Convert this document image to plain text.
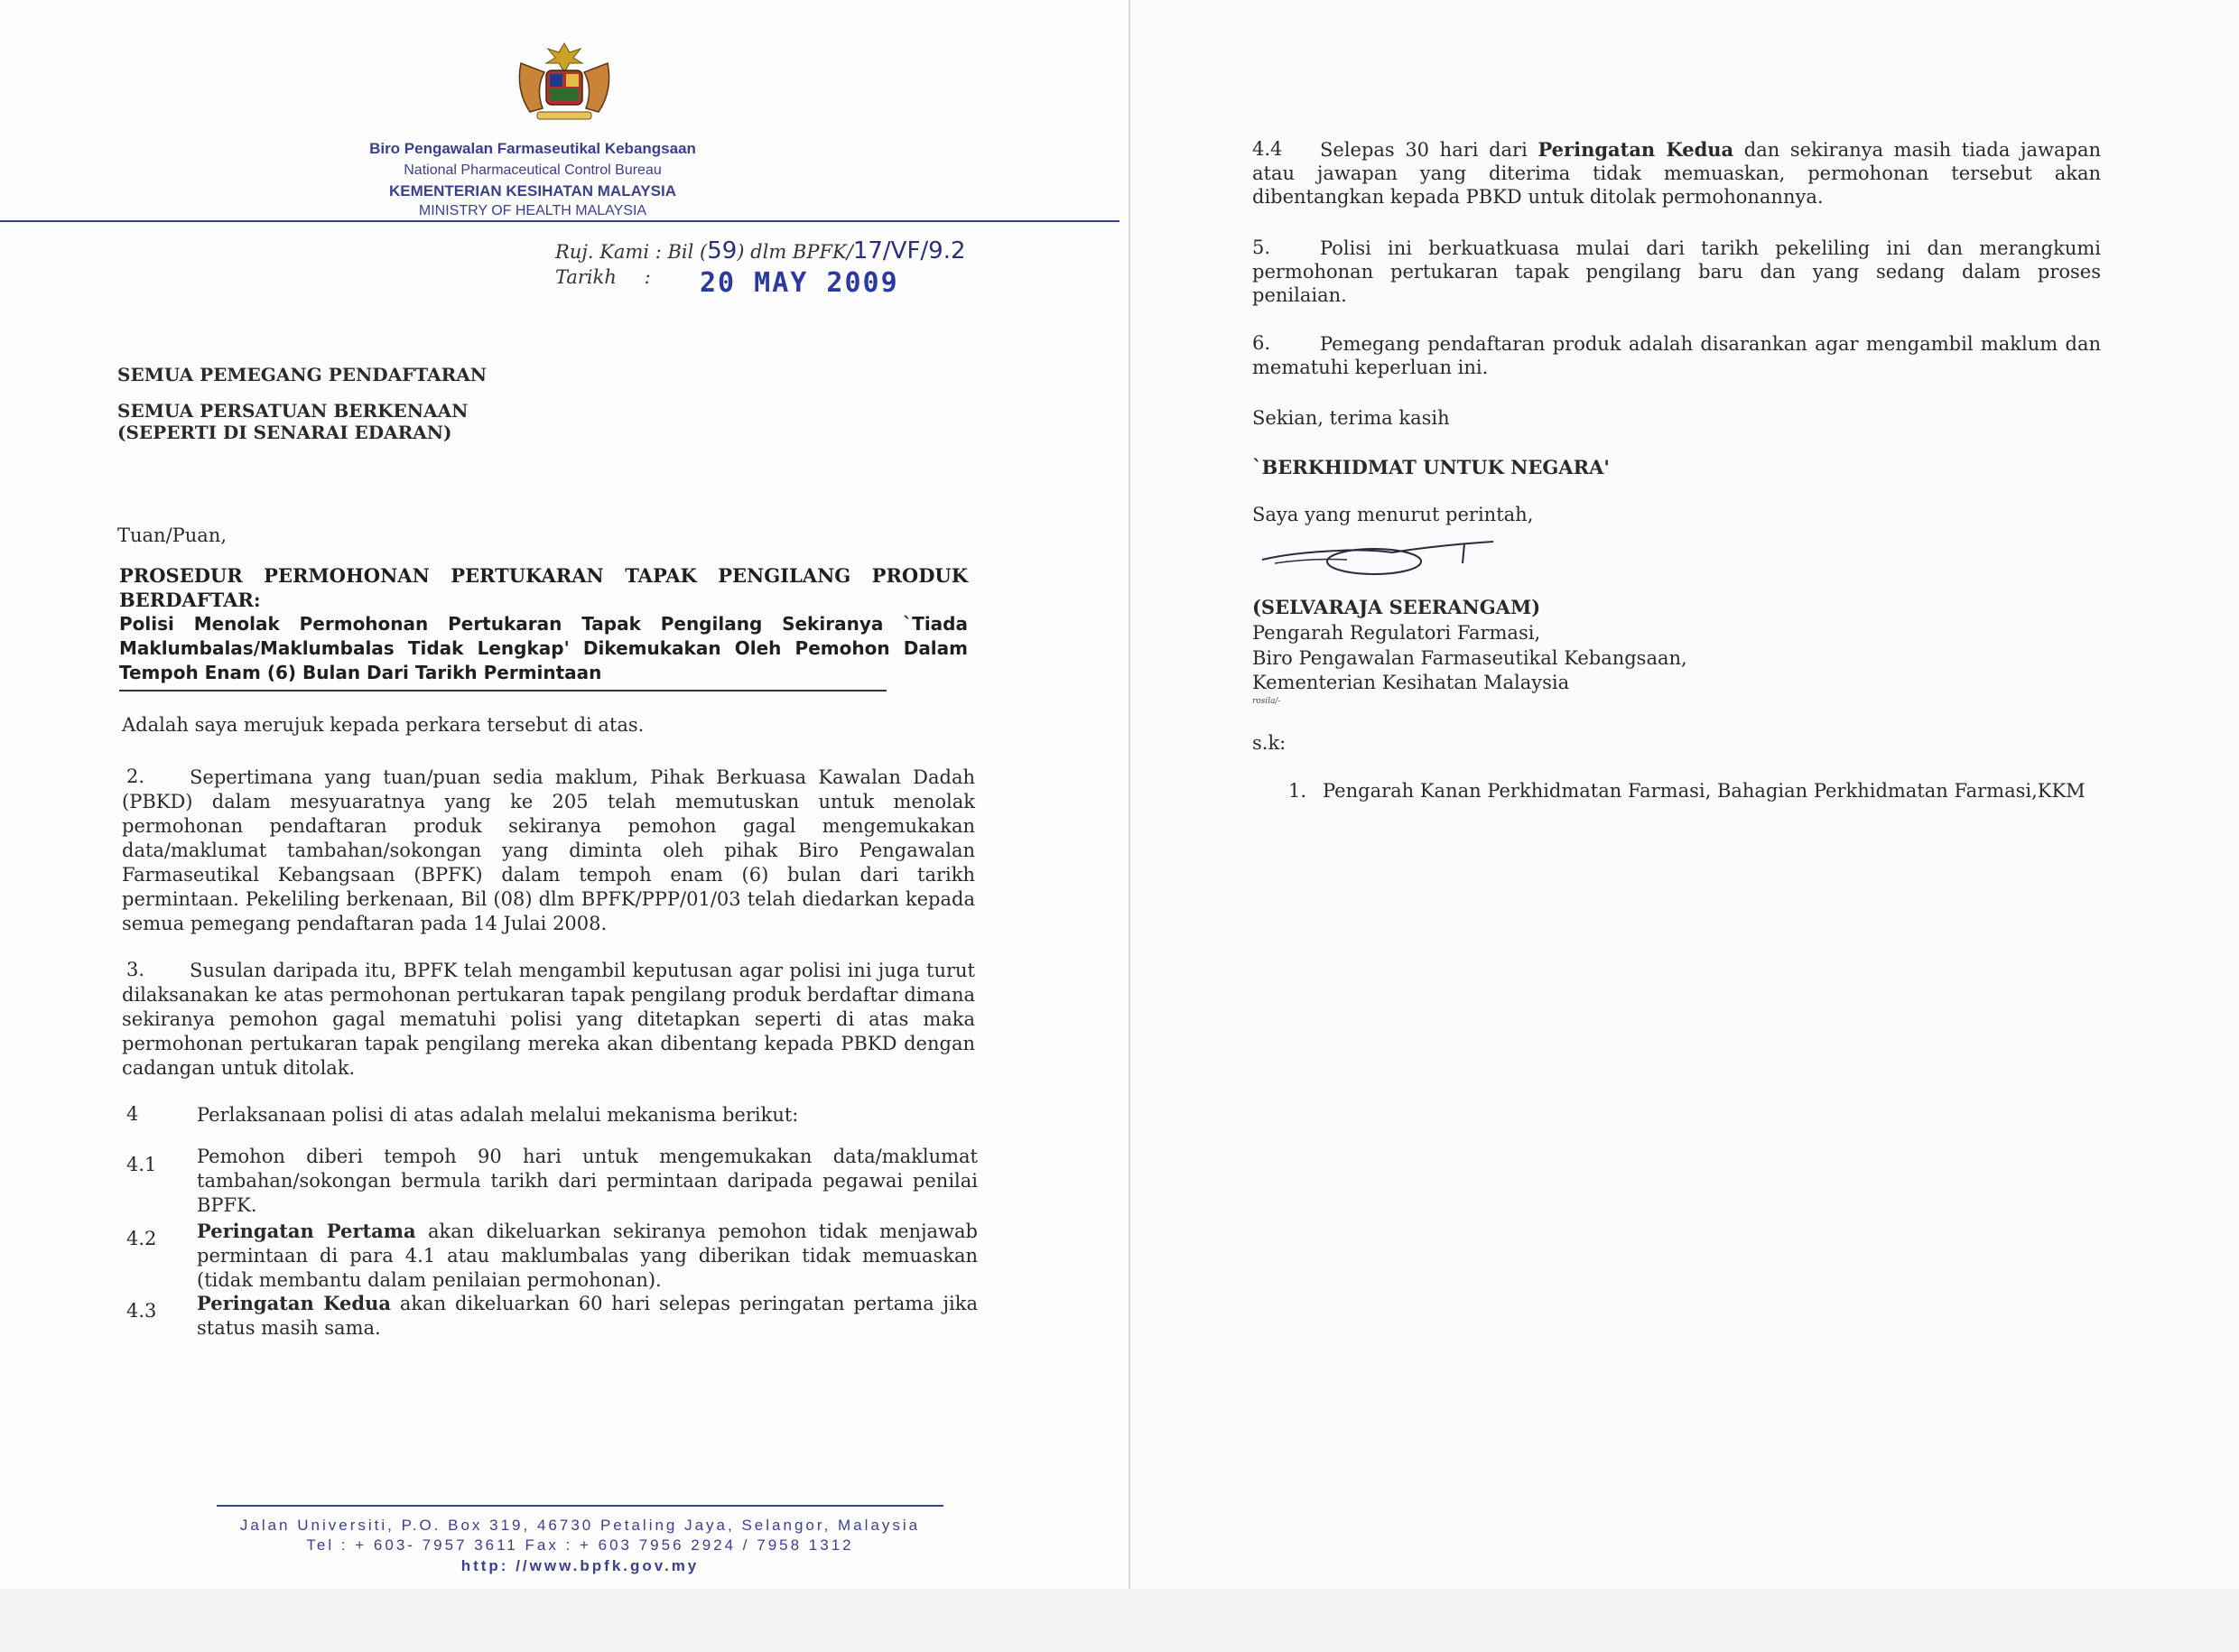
Biro Pengawalan Farmaseutikal Kebangsaan
National Pharmaceutical Control Bureau
KEMENTERIAN KESIHATAN MALAYSIA
MINISTRY OF HEALTH MALAYSIA
Ruj. Kami : Bil (59) dlm BPFK/17/VF/9.2
Tarikh : 20 MAY 2009
SEMUA PEMEGANG PENDAFTARAN
SEMUA PERSATUAN BERKENAAN
(SEPERTI DI SENARAI EDARAN)
Tuan/Puan,
PROSEDUR PERMOHONAN PERTUKARAN TAPAK PENGILANG PRODUK BERDAFTAR:
Polisi Menolak Permohonan Pertukaran Tapak Pengilang Sekiranya `Tiada Maklumbalas/Maklumbalas Tidak Lengkap' Dikemukakan Oleh Pemohon Dalam Tempoh Enam (6) Bulan Dari Tarikh Permintaan
Adalah saya merujuk kepada perkara tersebut di atas.
2.	Sepertimana yang tuan/puan sedia maklum, Pihak Berkuasa Kawalan Dadah (PBKD) dalam mesyuaratnya yang ke 205 telah memutuskan untuk menolak permohonan pendaftaran produk sekiranya pemohon gagal mengemukakan data/maklumat tambahan/sokongan yang diminta oleh pihak Biro Pengawalan Farmaseutikal Kebangsaan (BPFK) dalam tempoh enam (6) bulan dari tarikh permintaan. Pekeliling berkenaan, Bil (08) dlm BPFK/PPP/01/03 telah diedarkan kepada semua pemegang pendaftaran pada 14 Julai 2008.
3.	Susulan daripada itu, BPFK telah mengambil keputusan agar polisi ini juga turut dilaksanakan ke atas permohonan pertukaran tapak pengilang produk berdaftar dimana sekiranya pemohon gagal mematuhi polisi yang ditetapkan seperti di atas maka permohonan pertukaran tapak pengilang mereka akan dibentang kepada PBKD dengan cadangan untuk ditolak.
4	Perlaksanaan polisi di atas adalah melalui mekanisma berikut:
4.1 Pemohon diberi tempoh 90 hari untuk mengemukakan data/maklumat tambahan/sokongan bermula tarikh dari permintaan daripada pegawai penilai BPFK.
4.2 Peringatan Pertama akan dikeluarkan sekiranya pemohon tidak menjawab permintaan di para 4.1 atau maklumbalas yang diberikan tidak memuaskan (tidak membantu dalam penilaian permohonan).
4.3 Peringatan Kedua akan dikeluarkan 60 hari selepas peringatan pertama jika status masih sama.
Jalan Universiti, P.O. Box 319, 46730 Petaling Jaya, Selangor, Malaysia
Tel : + 603- 7957 3611 Fax : + 603 7956 2924 / 7958 1312
http: //www.bpfk.gov.my
4.4	Selepas 30 hari dari Peringatan Kedua dan sekiranya masih tiada jawapan atau jawapan yang diterima tidak memuaskan, permohonan tersebut akan dibentangkan kepada PBKD untuk ditolak permohonannya.
5.	Polisi ini berkuatkuasa mulai dari tarikh pekeliling ini dan merangkumi permohonan pertukaran tapak pengilang baru dan yang sedang dalam proses penilaian.
6.	Pemegang pendaftaran produk adalah disarankan agar mengambil maklum dan mematuhi keperluan ini.
Sekian, terima kasih
`BERKHIDMAT UNTUK NEGARA'
Saya yang menurut perintah,
(SELVARAJA SEERANGAM)
Pengarah Regulatori Farmasi,
Biro Pengawalan Farmaseutikal Kebangsaan,
Kementerian Kesihatan Malaysia
rosila/-
s.k:
1. Pengarah Kanan Perkhidmatan Farmasi, Bahagian Perkhidmatan Farmasi,KKM
